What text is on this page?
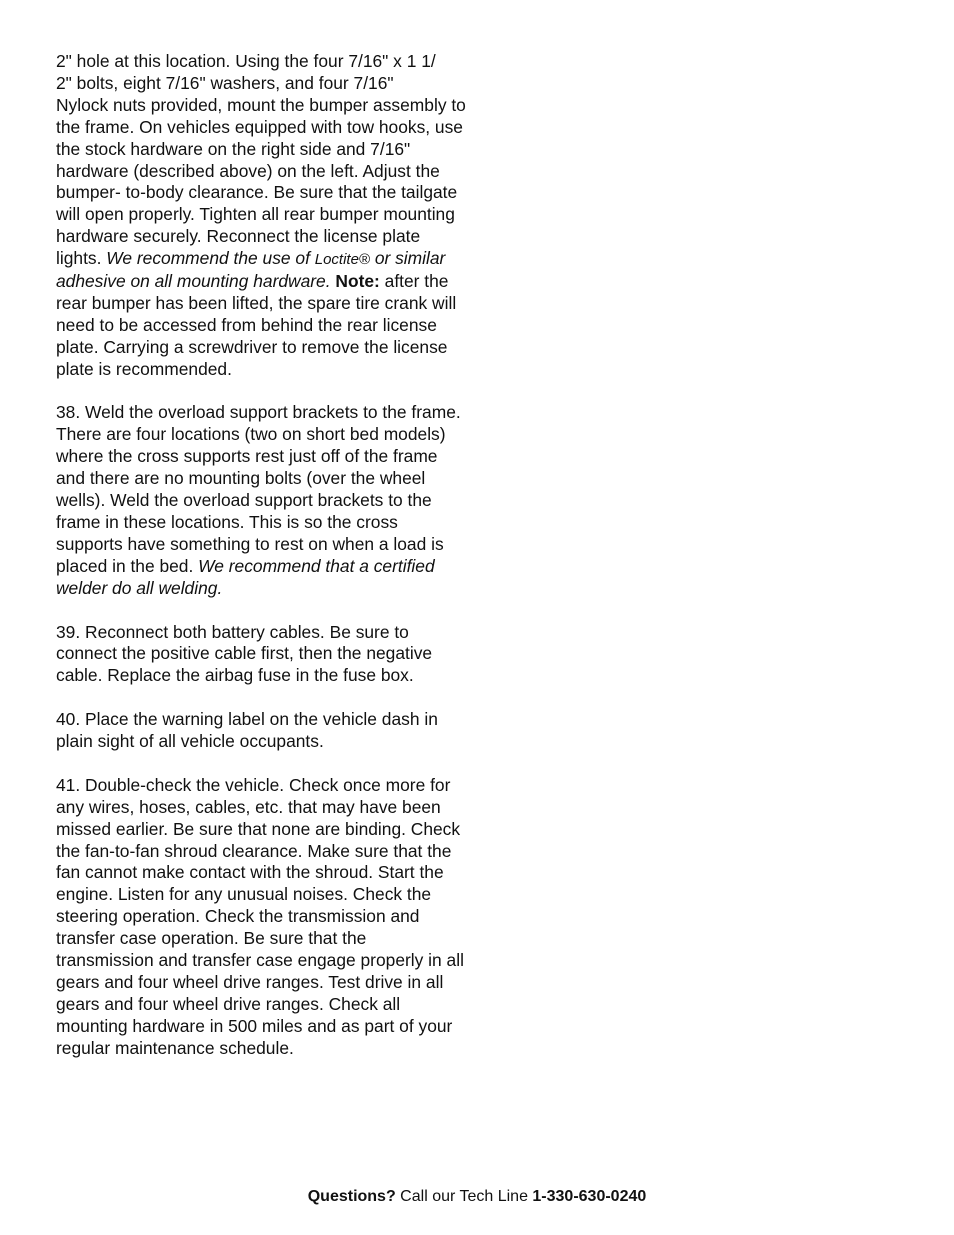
2" hole at this location. Using the four 7/16" x 1 1/
2" bolts, eight 7/16" washers, and four 7/16"
Nylock nuts provided, mount the bumper assembly to the frame. On vehicles equipped with tow hooks, use the stock hardware on the right side and 7/16" hardware (described above) on the left. Adjust the bumper- to-body clearance. Be sure that the tailgate will open properly. Tighten all rear bumper mounting hardware securely. Reconnect the license plate lights. We recommend the use of Loctite® or similar adhesive on all mounting hardware. Note: after the rear bumper has been lifted, the spare tire crank will need to be accessed from behind the rear license plate. Carrying a screwdriver to remove the license plate is recommended.

38. Weld the overload support brackets to the frame. There are four locations (two on short bed models) where the cross supports rest just off of the frame and there are no mounting bolts (over the wheel wells). Weld the overload support brackets to the frame in these locations. This is so the cross supports have something to rest on when a load is placed in the bed. We recommend that a certified welder do all welding.

39. Reconnect both battery cables. Be sure to connect the positive cable first, then the negative cable. Replace the airbag fuse in the fuse box.

40. Place the warning label on the vehicle dash in plain sight of all vehicle occupants.

41. Double-check the vehicle. Check once more for any wires, hoses, cables, etc. that may have been missed earlier. Be sure that none are binding. Check the fan-to-fan shroud clearance. Make sure that the fan cannot make contact with the shroud. Start the engine. Listen for any unusual noises. Check the steering operation. Check the transmission and transfer case operation. Be sure that the transmission and transfer case engage properly in all gears and four wheel drive ranges. Test drive in all gears and four wheel drive ranges. Check all mounting hardware in 500 miles and as part of your regular maintenance schedule.

Questions? Call our Tech Line 1-330-630-0240
